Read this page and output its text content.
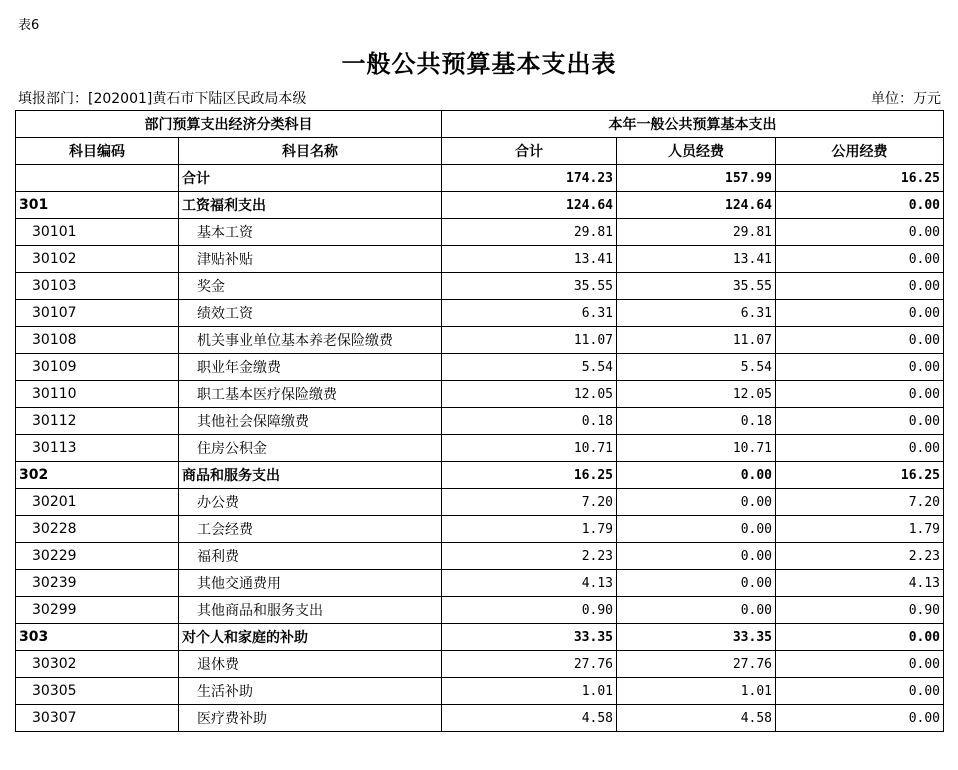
表6
一般公共预算基本支出表
填报部门：[202001]黄石市下陆区民政局本级	单位：万元
部门预算支出经济分类科目		本年一般公共预算基本支出		
科目编码	科目名称	合计	人员经费	公用经费
	合计	174.23	157.99	16.25
301	工资福利支出	124.64	124.64	0.00
30101	基本工资	29.81	29.81	0.00
30102	津贴补贴	13.41	13.41	0.00
30103	奖金	35.55	35.55	0.00
30107	绩效工资	6.31	6.31	0.00
30108	机关事业单位基本养老保险缴费	11.07	11.07	0.00
30109	职业年金缴费	5.54	5.54	0.00
30110	职工基本医疗保险缴费	12.05	12.05	0.00
30112	其他社会保障缴费	0.18	0.18	0.00
30113	住房公积金	10.71	10.71	0.00
302	商品和服务支出	16.25	0.00	16.25
30201	办公费	7.20	0.00	7.20
30228	工会经费	1.79	0.00	1.79
30229	福利费	2.23	0.00	2.23
30239	其他交通费用	4.13	0.00	4.13
30299	其他商品和服务支出	0.90	0.00	0.90
303	对个人和家庭的补助	33.35	33.35	0.00
30302	退休费	27.76	27.76	0.00
30305	生活补助	1.01	1.01	0.00
30307	医疗费补助	4.58	4.58	0.00
